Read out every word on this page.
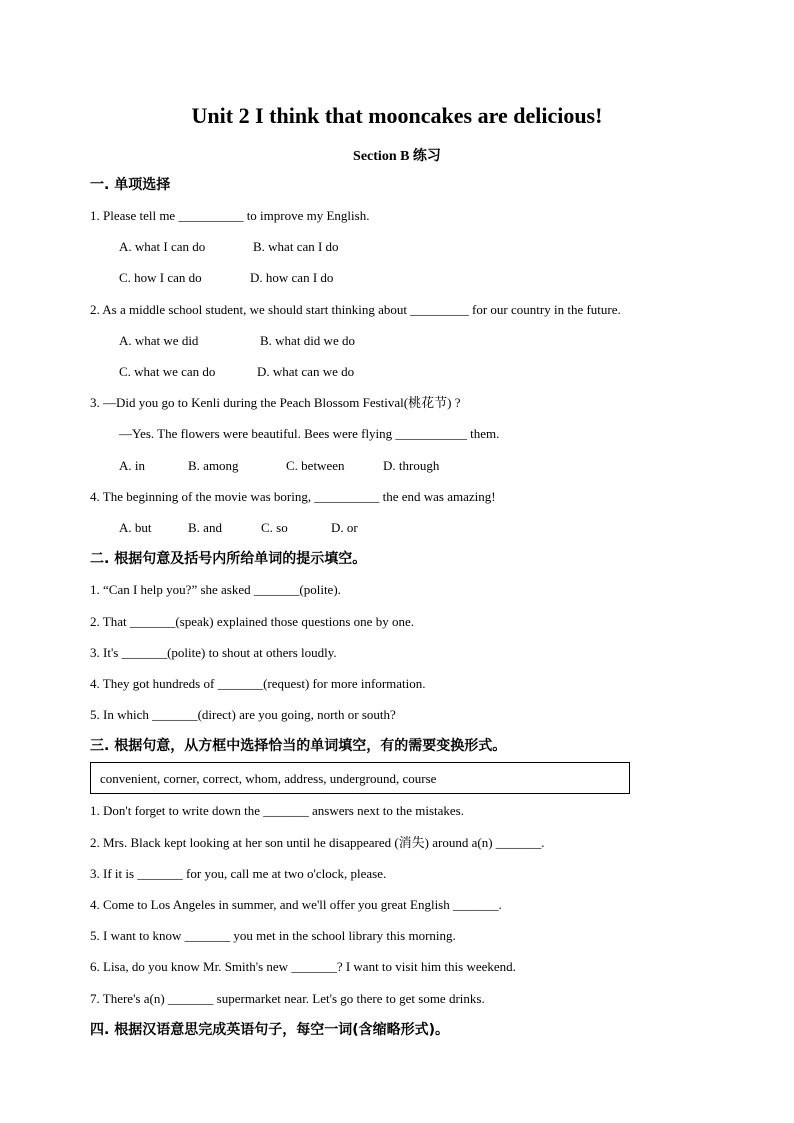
Unit 2 I think that mooncakes are delicious!
Section B 练习
一. 单项选择
1. Please tell me __________ to improve my English.
A. what I can do	B. what can I do
C. how I can do	D. how can I do
2. As a middle school student, we should start thinking about _________ for our country in the future.
A. what we did	B. what did we do
C. what we can do	D. what can we do
3. —Did you go to Kenli during the Peach Blossom Festival(桃花节) ?
—Yes. The flowers were beautiful. Bees were flying ___________ them.
A. in	B. among	C. between	D. through
4. The beginning of the movie was boring, __________ the end was amazing!
A. but	B. and	C. so	D. or
二. 根据句意及括号内所给单词的提示填空。
1. “Can I help you?” she asked _______(polite).
2. That _______(speak) explained those questions one by one.
3. It's _______(polite) to shout at others loudly.
4. They got hundreds of _______(request) for more information.
5. In which _______(direct) are you going, north or south?
三. 根据句意，从方框中选择恰当的单词填空，有的需要变换形式。
convenient, corner, correct, whom, address, underground, course
1. Don't forget to write down the _______ answers next to the mistakes.
2. Mrs. Black kept looking at her son until he disappeared (消失) around a(n) _______.
3. If it is _______ for you, call me at two o'clock, please.
4. Come to Los Angeles in summer, and we'll offer you great English _______.
5. I want to know _______ you met in the school library this morning.
6. Lisa, do you know Mr. Smith's new _______? I want to visit him this weekend.
7. There's a(n) _______ supermarket near. Let's go there to get some drinks.
四. 根据汉语意思完成英语句子，每空一词(含缩略形式)。
